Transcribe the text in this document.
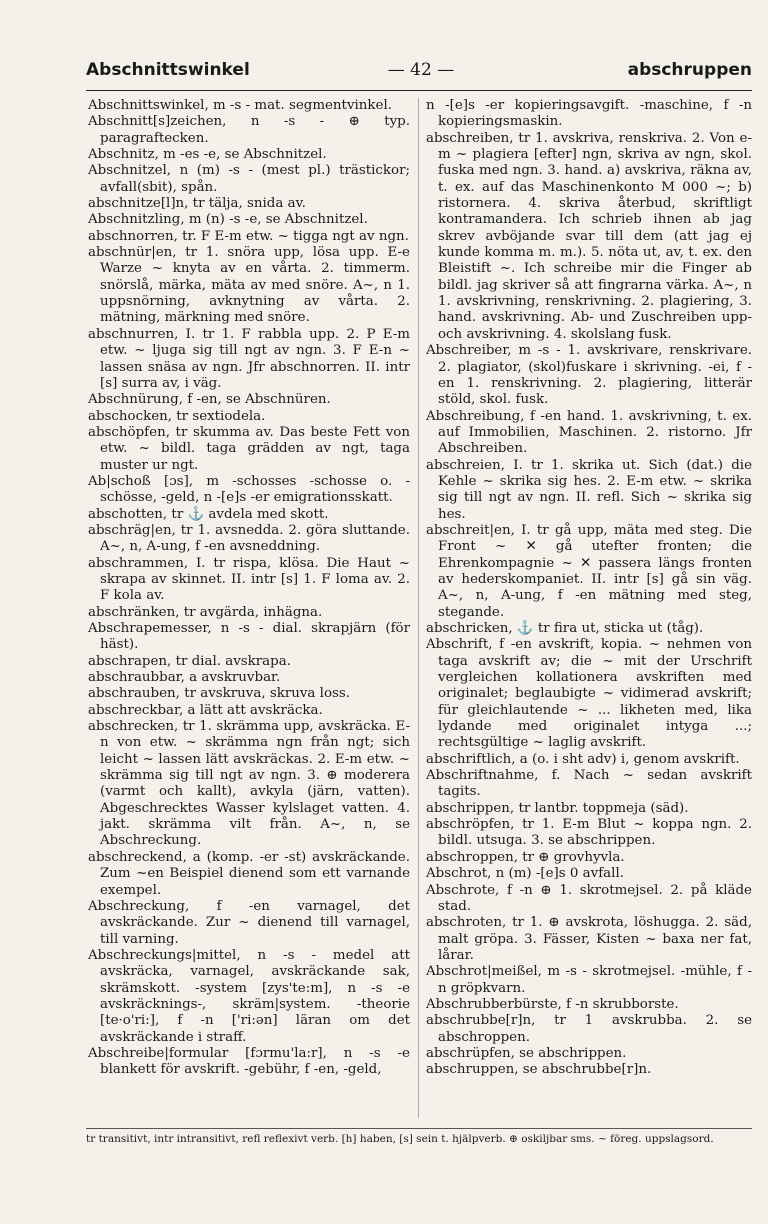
Abschnittswinkel	— 42 —	abschruppen

Abschnittswinkel, m -s - mat. segmentvinkel.

Abschnitt[s]zeichen, n -s - ⊕ typ. paragraftecken.

Abschnitz, m -es -e, se Abschnitzel.

Abschnitzel, n (m) -s - (mest pl.) trästickor; avfall(sbit), spån.

abschnitze[l]n, tr tälja, snida av.

Abschnitzling, m (n) -s -e, se Abschnitzel.

abschnorren, tr. F E-m etw. ~ tigga ngt av ngn.

abschnür|en, tr 1. snöra upp, lösa upp. E-e Warze ~ knyta av en vårta. 2. timmerm. snörslå, märka, mäta av med snöre. A~, n 1. uppsnörning, avknytning av vårta. 2. mätning, märkning med snöre.

abschnurren, I. tr 1. F rabbla upp. 2. P E-m etw. ~ ljuga sig till ngt av ngn. 3. F E-n ~ lassen snäsa av ngn. Jfr abschnorren. II. intr [s] surra av, i väg.

Abschnürung, f -en, se Abschnüren.

abschocken, tr sextiodela.

abschöpfen, tr skumma av. Das beste Fett von etw. ~ bildl. taga grädden av ngt, taga muster ur ngt.

Ab|schoß [ɔs], m -schosses -schosse o. -schösse, -geld, n -[e]s -er emigrationsskatt.

abschotten, tr ⚓ avdela med skott.

abschräg|en, tr 1. avsnedda. 2. göra sluttande. A~, n, A-ung, f -en avsneddning.

abschrammen, I. tr rispa, klösa. Die Haut ~ skrapa av skinnet. II. intr [s] 1. F loma av. 2. F kola av.

abschränken, tr avgärda, inhägna.

Abschrapemesser, n -s - dial. skrapjärn (för häst).

abschrapen, tr dial. avskrapa.

abschraubbar, a avskruvbar.

abschrauben, tr avskruva, skruva loss.

abschreckbar, a lätt att avskräcka.

abschrecken, tr 1. skrämma upp, avskräcka. E-n von etw. ~ skrämma ngn från ngt; sich leicht ~ lassen lätt avskräckas. 2. E-m etw. ~ skrämma sig till ngt av ngn. 3. ⊕ moderera (varmt och kallt), avkyla (järn, vatten). Abgeschrecktes Wasser kylslaget vatten. 4. jakt. skrämma vilt från. A~, n, se Abschreckung.

abschreckend, a (komp. -er -st) avskräckande. Zum ~en Beispiel dienend som ett varnande exempel.

Abschreckung, f -en varnagel, det avskräckande. Zur ~ dienend till varnagel, till varning.

Abschreckungs|mittel, n -s - medel att avskräcka, varnagel, avskräckande sak, skrämskott. -system [zys'te:m], n -s -e avskräcknings-, skräm|system. -theorie [te·o'ri:], f -n ['ri:ən] läran om det avskräckande i straff.

Abschreibe|formular [fɔrmu'la:r], n -s -e blankett för avskrift. -gebühr, f -en, -geld,

n -[e]s -er kopieringsavgift. -maschine, f -n kopieringsmaskin.

abschreiben, tr 1. avskriva, renskriva. 2. Von e-m ~ plagiera [efter] ngn, skriva av ngn, skol. fuska med ngn. 3. hand. a) avskriva, räkna av, t. ex. auf das Maschinenkonto M 000 ~; b) ristornera. 4. skriva återbud, skriftligt kontramandera. Ich schrieb ihnen ab jag skrev avböjande svar till dem (att jag ej kunde komma m. m.). 5. nöta ut, av, t. ex. den Bleistift ~. Ich schreibe mir die Finger ab bildl. jag skriver så att fingrarna värka. A~, n 1. avskrivning, renskrivning. 2. plagiering, 3. hand. avskrivning. Ab- und Zuschreiben upp- och avskrivning. 4. skolslang fusk.

Abschreiber, m -s - 1. avskrivare, renskrivare. 2. plagiator, (skol)fuskare i skrivning. -ei, f -en 1. renskrivning. 2. plagiering, litterär stöld, skol. fusk.

Abschreibung, f -en hand. 1. avskrivning, t. ex. auf Immobilien, Maschinen. 2. ristorno. Jfr Abschreiben.

abschreien, I. tr 1. skrika ut. Sich (dat.) die Kehle ~ skrika sig hes. 2. E-m etw. ~ skrika sig till ngt av ngn. II. refl. Sich ~ skrika sig hes.

abschreit|en, I. tr gå upp, mäta med steg. Die Front ~ ✕ gå utefter fronten; die Ehrenkompagnie ~ ✕ passera längs fronten av hederskompaniet. II. intr [s] gå sin väg. A~, n, A-ung, f -en mätning med steg, stegande.

abschricken, ⚓ tr fira ut, sticka ut (tåg).

Abschrift, f -en avskrift, kopia. ~ nehmen von taga avskrift av; die ~ mit der Urschrift vergleichen kollationera avskriften med originalet; beglaubigte ~ vidimerad avskrift; für gleichlautende ~ ... likheten med, lika lydande med originalet intyga ...; rechtsgültige ~ laglig avskrift.

abschriftlich, a (o. i sht adv) i, genom avskrift.

Abschriftnahme, f. Nach ~ sedan avskrift tagits.

abschrippen, tr lantbr. toppmeja (säd).

abschröpfen, tr 1. E-m Blut ~ koppa ngn. 2. bildl. utsuga. 3. se abschrippen.

abschroppen, tr ⊕ grovhyvla.

Abschrot, n (m) -[e]s 0 avfall.

Abschrote, f -n ⊕ 1. skrotmejsel. 2. på kläde stad.

abschroten, tr 1. ⊕ avskrota, löshugga. 2. säd, malt gröpa. 3. Fässer, Kisten ~ baxa ner fat, lårar.

Abschrot|meißel, m -s - skrotmejsel. -mühle, f -n gröpkvarn.

Abschrubberbürste, f -n skrubborste.

abschrubbe[r]n, tr 1 avskrubba. 2. se abschroppen.

abschrüpfen, se abschrippen.

abschruppen, se abschrubbe[r]n.

tr transitivt, intr intransitivt, refl reflexivt verb. [h] haben, [s] sein t. hjälpverb. ⊕ oskiljbar sms. ~ föreg. uppslagsord.
